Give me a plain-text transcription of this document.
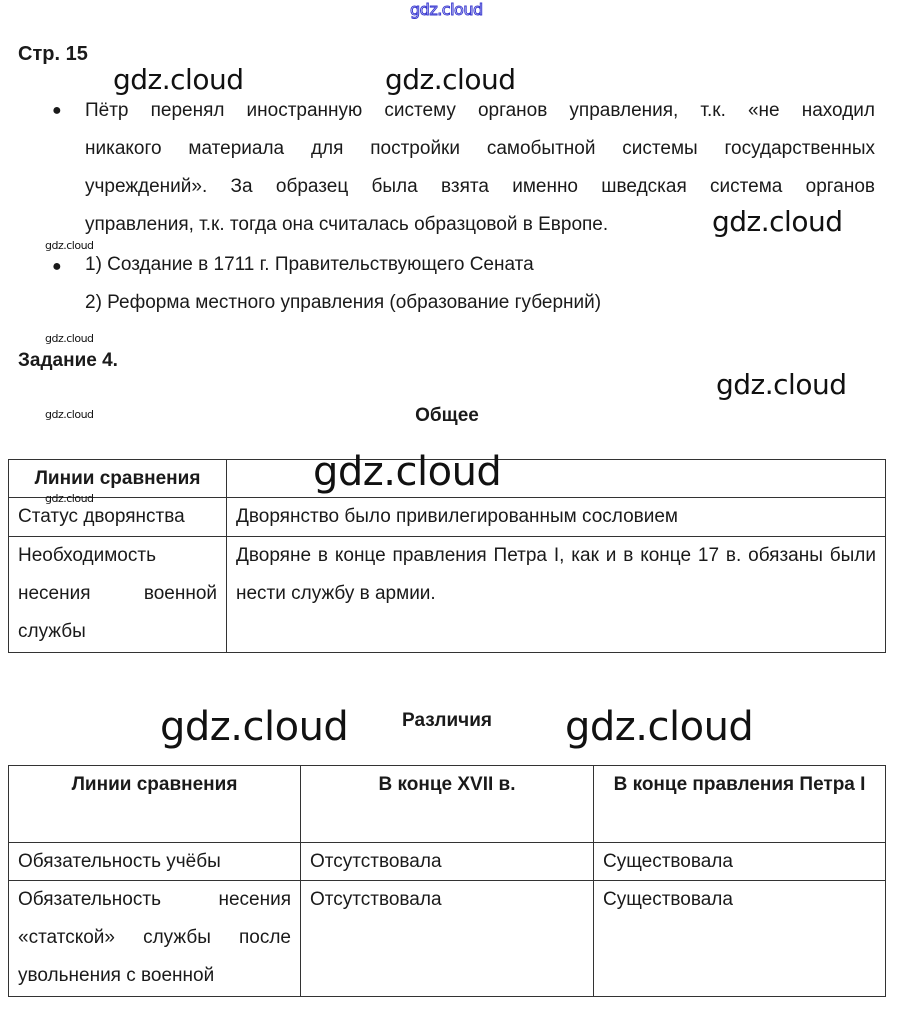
gdz.cloud
Стр. 15
● Пётр перенял иностранную систему органов управления, т.к. «не находил
никакого материала для постройки самобытной системы государственных
учреждений». За образец была взята именно шведская система органов
управления, т.к. тогда она считалась образцовой в Европе.
● 1) Создание в 1711 г. Правительствующего Сената
2) Реформа местного управления (образование губерний)
Задание 4.
Общее
Линии сравнения	
Статус дворянства	Дворянство было привилегированным сословием
Необходимость несения военной службы	Дворяне в конце правления Петра I, как и в конце 17 в. обязаны были нести службу в армии.
Различия
Линии сравнения	В конце XVII в.	В конце правления Петра I
Обязательность учёбы	Отсутствовала	Существовала
Обязательность несения «статской» службы после увольнения с военной	Отсутствовала	Существовала
gdz.cloud	gdz.cloud
gdz.cloud
gdz.cloud
gdz.cloud
gdz.cloud	gdz.cloud
gdz.cloud
gdz.cloud
gdz.cloud
gdz.cloud
